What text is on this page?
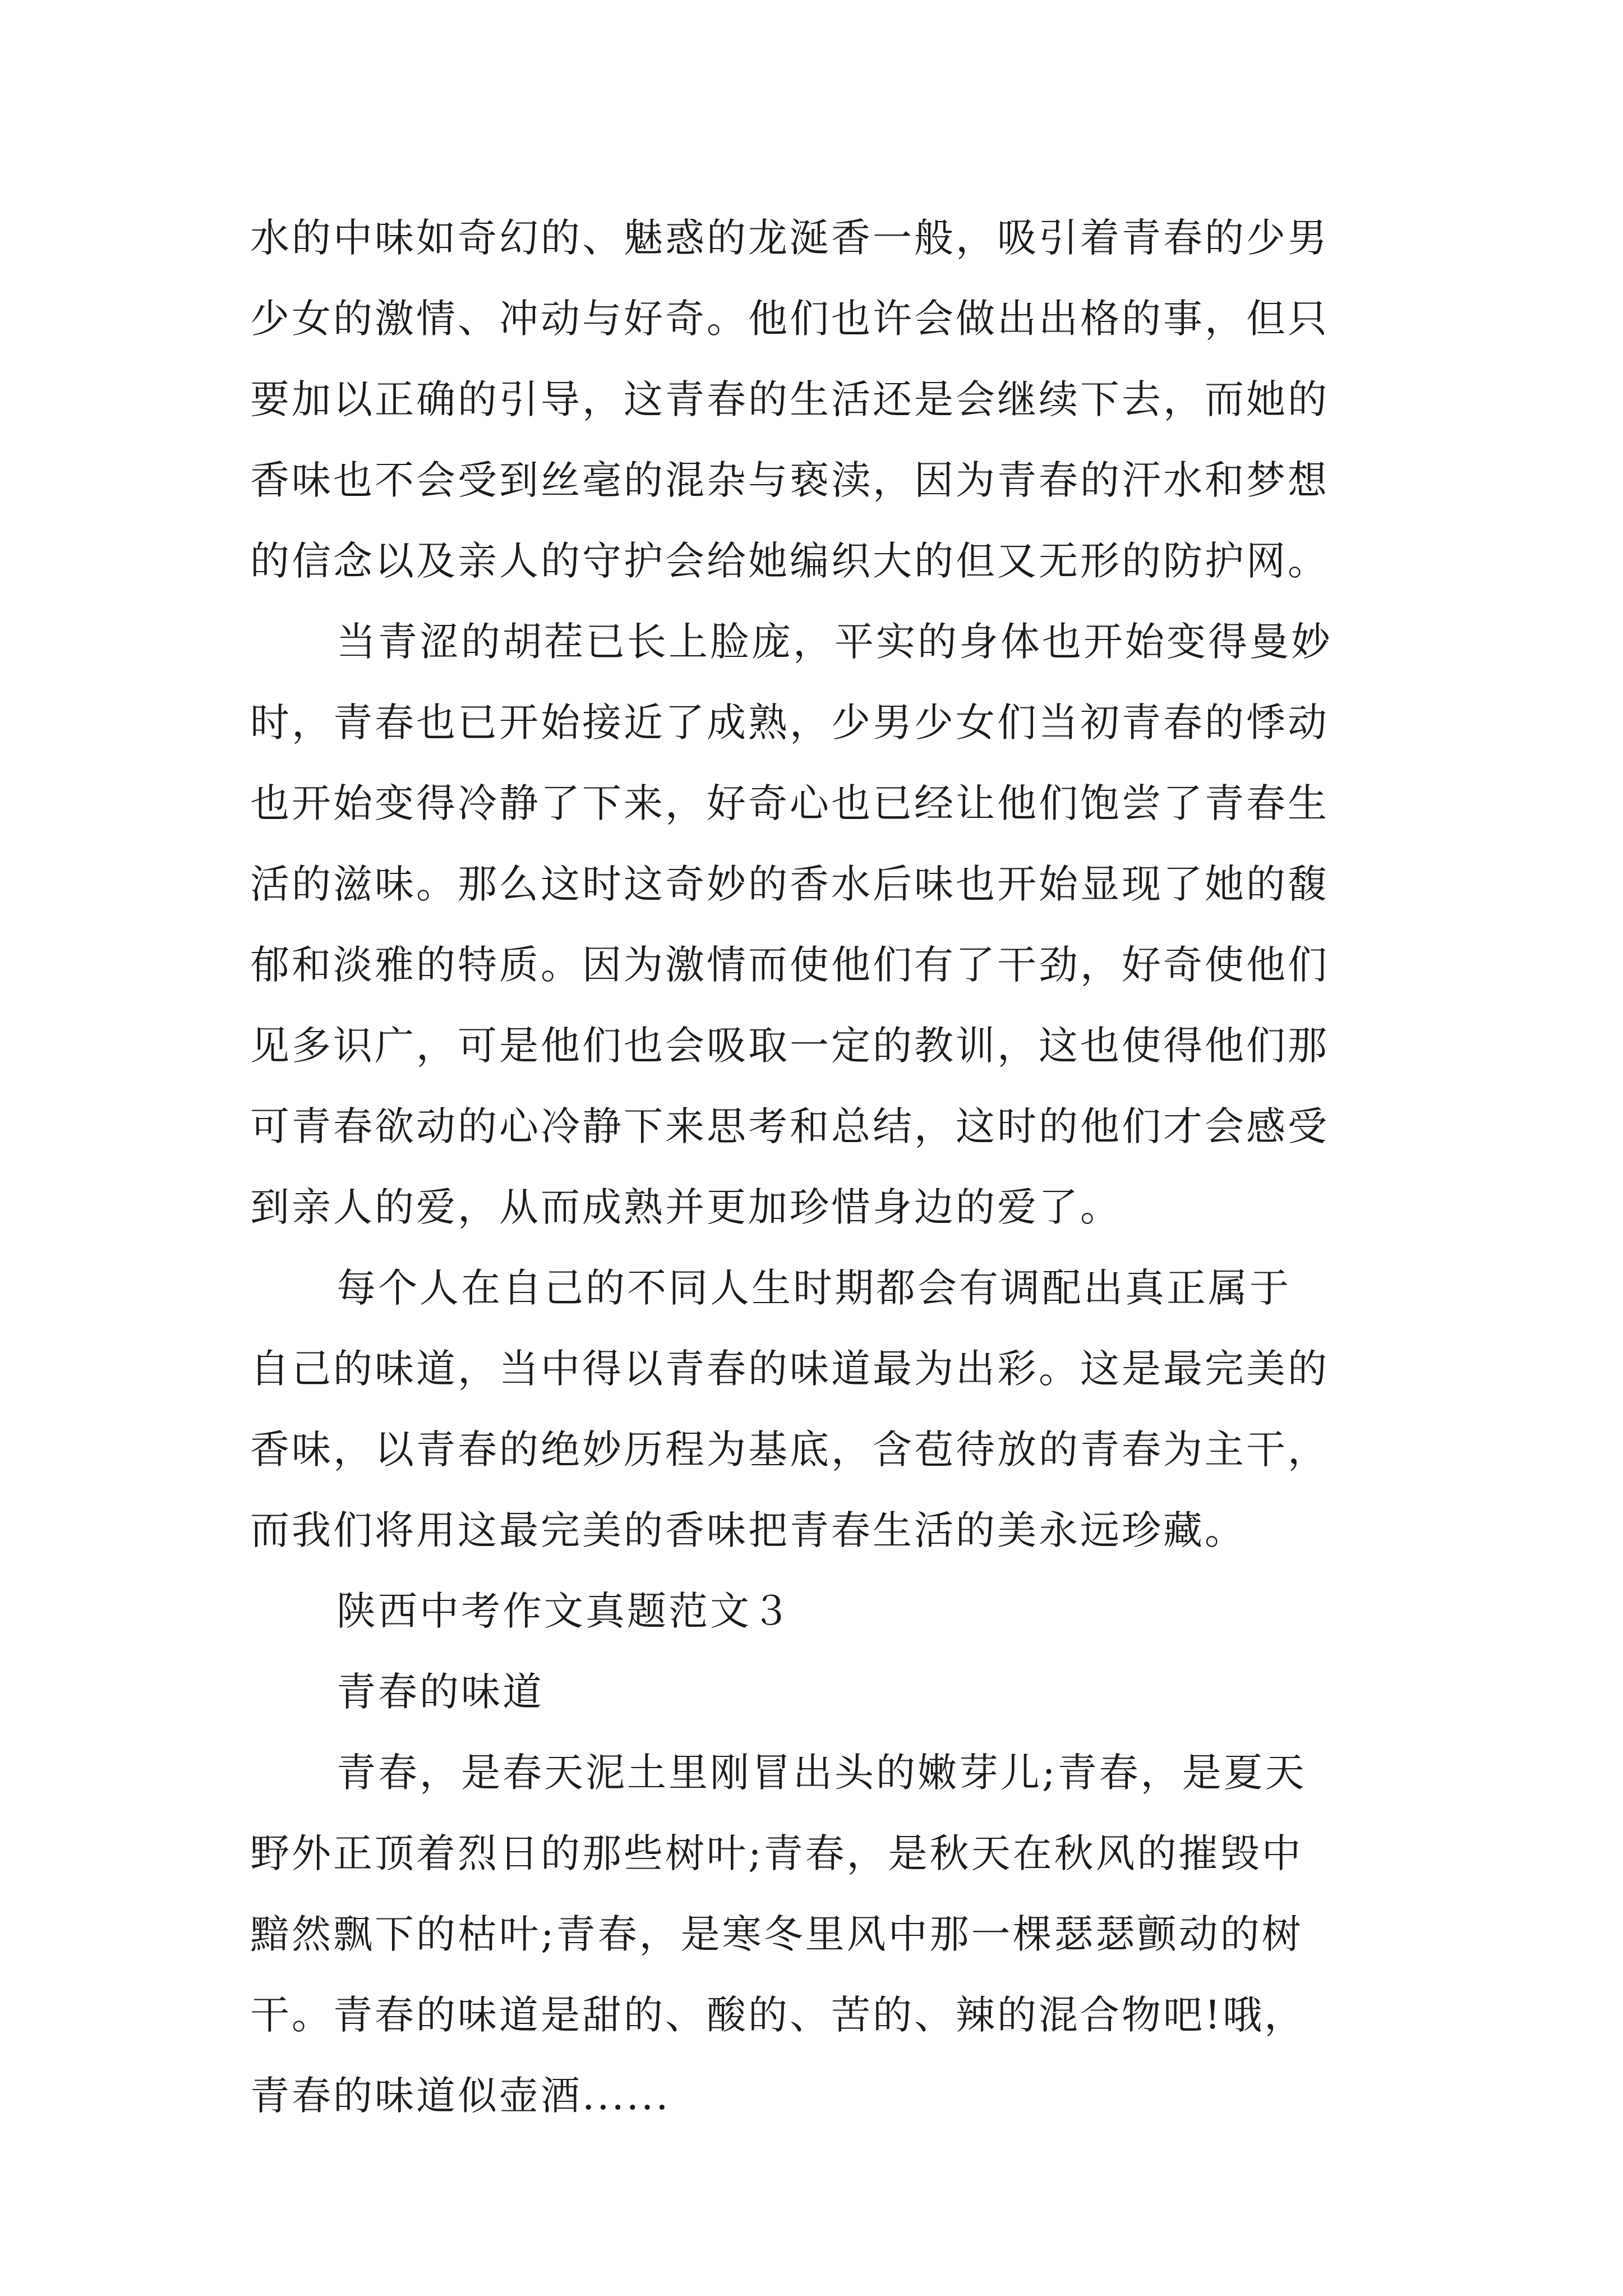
水的中味如奇幻的、魅惑的龙涎香一般，吸引着青春的少男
少女的激情、冲动与好奇。他们也许会做出出格的事，但只
要加以正确的引导，这青春的生活还是会继续下去，而她的
香味也不会受到丝毫的混杂与亵渎，因为青春的汗水和梦想
的信念以及亲人的守护会给她编织大的但又无形的防护网。
当青涩的胡茬已长上脸庞，平实的身体也开始变得曼妙
时，青春也已开始接近了成熟，少男少女们当初青春的悸动
也开始变得冷静了下来，好奇心也已经让他们饱尝了青春生
活的滋味。那么这时这奇妙的香水后味也开始显现了她的馥
郁和淡雅的特质。因为激情而使他们有了干劲，好奇使他们
见多识广，可是他们也会吸取一定的教训，这也使得他们那
可青春欲动的心冷静下来思考和总结，这时的他们才会感受
到亲人的爱，从而成熟并更加珍惜身边的爱了。
每个人在自己的不同人生时期都会有调配出真正属于
自己的味道，当中得以青春的味道最为出彩。这是最完美的
香味，以青春的绝妙历程为基底，含苞待放的青春为主干，
而我们将用这最完美的香味把青春生活的美永远珍藏。
陕西中考作文真题范文３
青春的味道
青春，是春天泥土里刚冒出头的嫩芽儿;青春，是夏天
野外正顶着烈日的那些树叶;青春，是秋天在秋风的摧毁中
黯然飘下的枯叶;青春，是寒冬里风中那一棵瑟瑟颤动的树
干。青春的味道是甜的、酸的、苦的、辣的混合物吧!哦，
青春的味道似壶酒......
